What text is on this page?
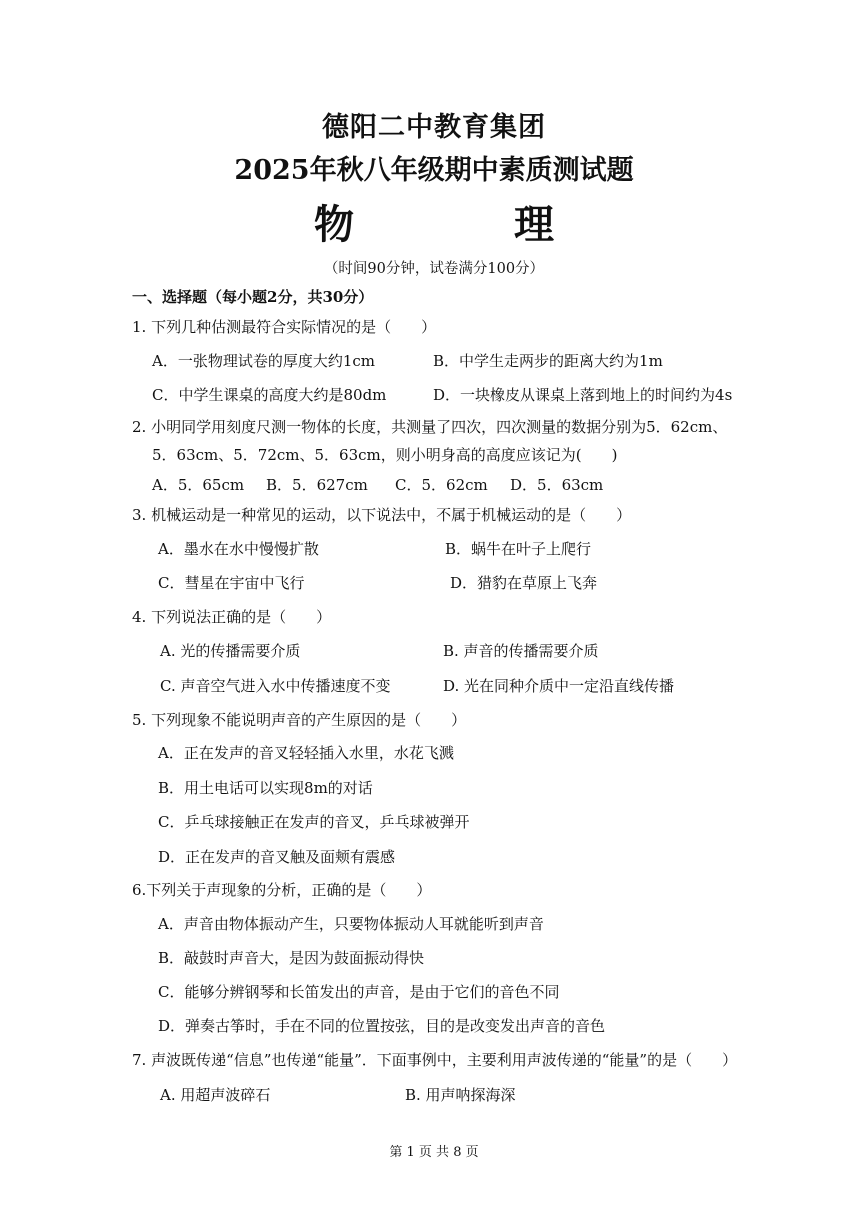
德阳二中教育集团
2025年秋八年级期中素质测试题
物　理
（时间90分钟，试卷满分100分）
一、选择题（每小题2分，共30分）
1. 下列几种估测最符合实际情况的是（　　）
A．一张物理试卷的厚度大约1cm	B．中学生走两步的距离大约为1m
C．中学生课桌的高度大约是80dm	D．一块橡皮从课桌上落到地上的时间约为4s
2. 小明同学用刻度尺测一物体的长度，共测量了四次，四次测量的数据分别为5．62cm、
5．63cm、5．72cm、5．63cm，则小明身高的高度应该记为(　　)
A．5．65cm B．5．627cm C．5．62cm D．5．63cm
3. 机械运动是一种常见的运动，以下说法中，不属于机械运动的是（　　）
A．墨水在水中慢慢扩散	B．蜗牛在叶子上爬行
C．彗星在宇宙中飞行	D．猎豹在草原上飞奔
4. 下列说法正确的是（　　）
A. 光的传播需要介质	B. 声音的传播需要介质
C. 声音空气进入水中传播速度不变	D. 光在同种介质中一定沿直线传播
5. 下列现象不能说明声音的产生原因的是（　　）
A．正在发声的音叉轻轻插入水里，水花飞溅
B．用土电话可以实现8m的对话
C．乒乓球接触正在发声的音叉，乒乓球被弹开
D．正在发声的音叉触及面颊有震感
6.下列关于声现象的分析，正确的是（　　）
A．声音由物体振动产生，只要物体振动人耳就能听到声音
B．敲鼓时声音大，是因为鼓面振动得快
C．能够分辨钢琴和长笛发出的声音，是由于它们的音色不同
D．弹奏古筝时，手在不同的位置按弦，目的是改变发出声音的音色
7. 声波既传递“信息”也传递“能量”．下面事例中，主要利用声波传递的“能量”的是（　　）
A. 用超声波碎石	B. 用声呐探海深
第 1 页 共 8 页
